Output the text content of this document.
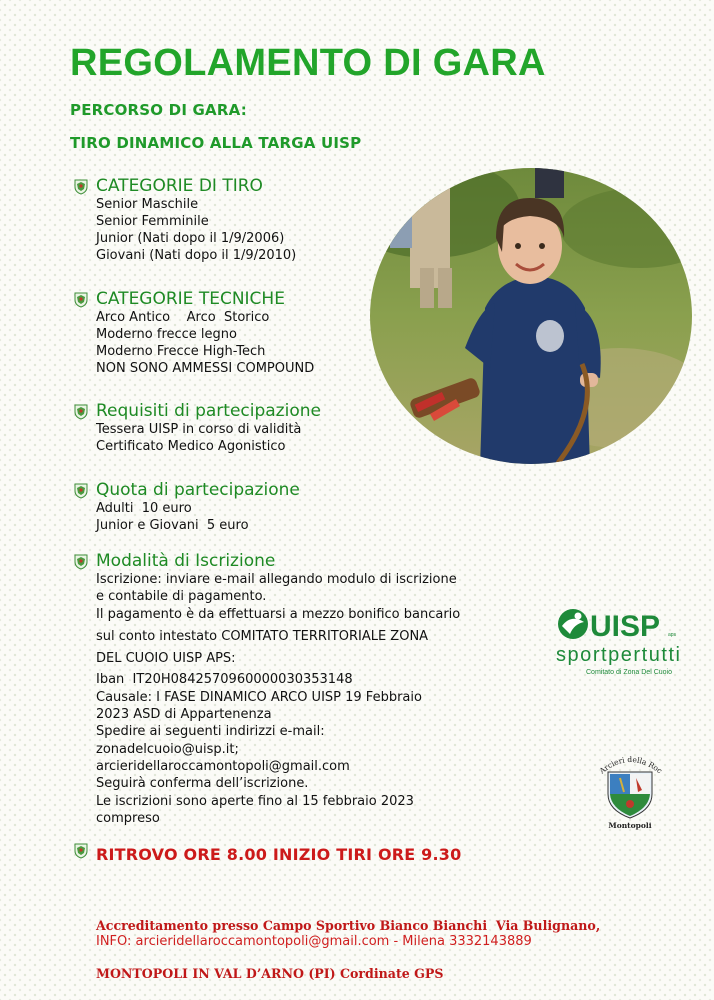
REGOLAMENTO DI GARA
PERCORSO DI GARA:
TIRO DINAMICO ALLA TARGA UISP
CATEGORIE DI TIRO
Senior Maschile
Senior Femminile
Junior (Nati dopo il 1/9/2006)
Giovani (Nati dopo il 1/9/2010)
CATEGORIE TECNICHE
Arco Antico    Arco  Storico
Moderno frecce legno
Moderno Frecce High-Tech
NON SONO AMMESSI COMPOUND
Requisiti di partecipazione
Tessera UISP in corso di validità
Certificato Medico Agonistico
Quota di partecipazione
Adulti  10 euro
Junior e Giovani  5 euro
Modalità di Iscrizione
Iscrizione: inviare e-mail allegando modulo di iscrizione
e contabile di pagamento.
Il pagamento è da effettuarsi a mezzo bonifico bancario
sul conto intestato COMITATO TERRITORIALE ZONA
DEL CUOIO UISP APS:
Iban  IT20H0842570960000030353148
Causale: I FASE DINAMICO ARCO UISP 19 Febbraio
2023 ASD di Appartenenza
Spedire ai seguenti indirizzi e-mail:
zonadelcuoio@uisp.it;
arcieridellaroccamontopoli@gmail.com
Seguirà conferma dell’iscrizione.
Le iscrizioni sono aperte fino al 15 febbraio 2023
compreso
UISP aps
sportpertutti
Comitato di Zona Del Cuoio
Arcieri della Roc
Montopoli
RITROVO ORE 8.00 INIZIO TIRI ORE 9.30

Accreditamento presso Campo Sportivo Bianco Bianchi  Via Bulignano,

MONTOPOLI IN VAL D’ARNO (PI) Cordinate GPS

INFO: arcieridellaroccamontopoli@gmail.com - Milena 3332143889
